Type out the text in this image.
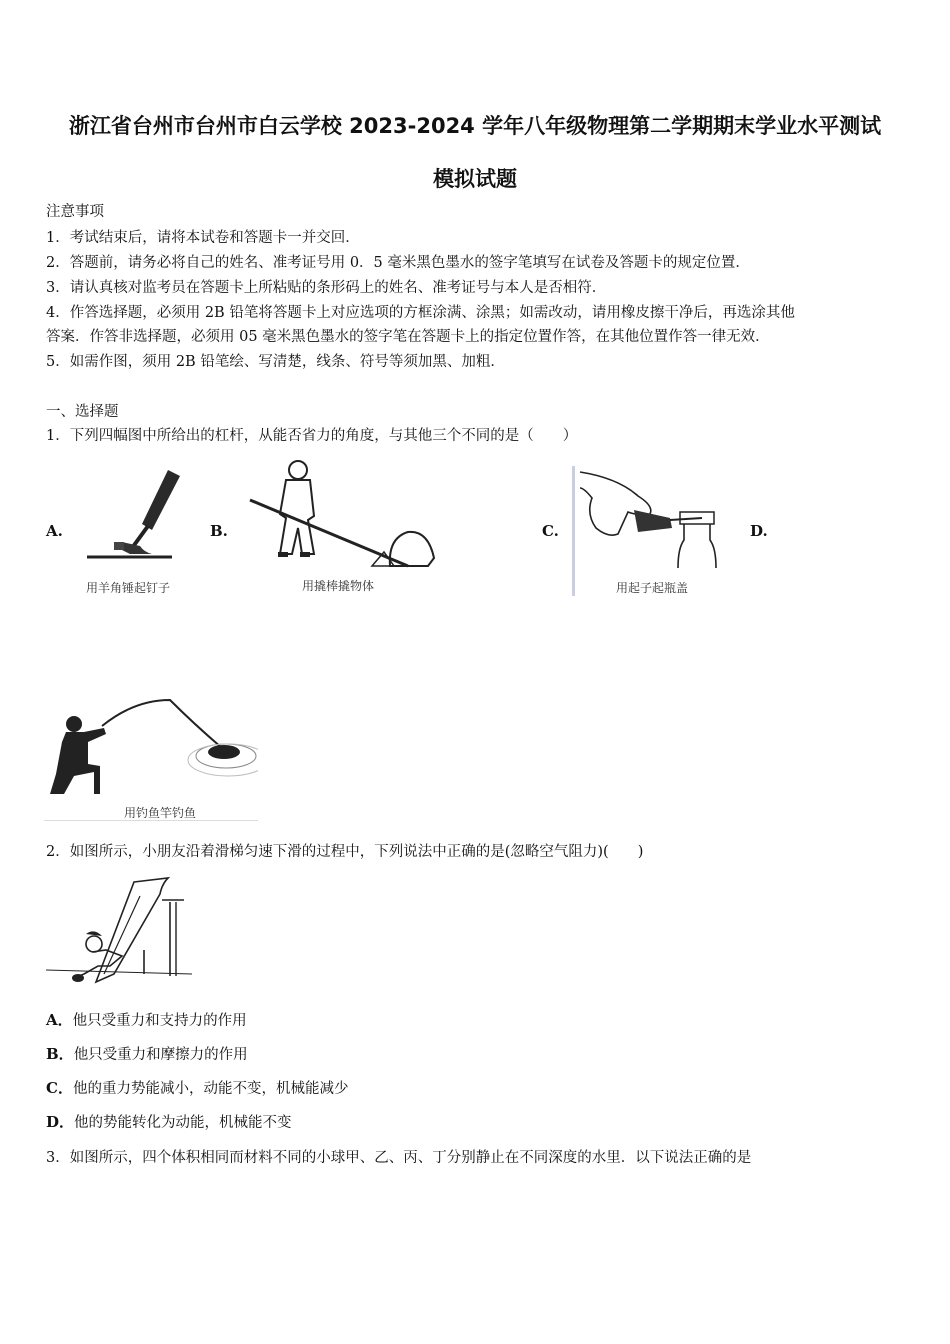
浙江省台州市台州市白云学校 2023-2024 学年八年级物理第二学期期末学业水平测试
模拟试题
注意事项
1．考试结束后，请将本试卷和答题卡一并交回．
2．答题前，请务必将自己的姓名、准考证号用 0．5 毫米黑色墨水的签字笔填写在试卷及答题卡的规定位置．
3．请认真核对监考员在答题卡上所粘贴的条形码上的姓名、准考证号与本人是否相符．
4．作答选择题，必须用 2B 铅笔将答题卡上对应选项的方框涂满、涂黑；如需改动，请用橡皮擦干净后，再选涂其他
答案．作答非选择题，必须用 05 毫米黑色墨水的签字笔在答题卡上的指定位置作答，在其他位置作答一律无效．
5．如需作图，须用 2B 铅笔绘、写清楚，线条、符号等须加黑、加粗．
一、选择题
1．下列四幅图中所给出的杠杆，从能否省力的角度，与其他三个不同的是（　　）
A.
用羊角锤起钉子
B.
用撬棒撬物体
C.
用起子起瓶盖
D.
用钓鱼竿钓鱼
2．如图所示，小朋友沿着滑梯匀速下滑的过程中，下列说法中正确的是(忽略空气阻力)(　　)
A．他只受重力和支持力的作用
B．他只受重力和摩擦力的作用
C．他的重力势能减小，动能不变，机械能减少
D．他的势能转化为动能，机械能不变
3．如图所示，四个体积相同而材料不同的小球甲、乙、丙、丁分别静止在不同深度的水里．以下说法正确的是
